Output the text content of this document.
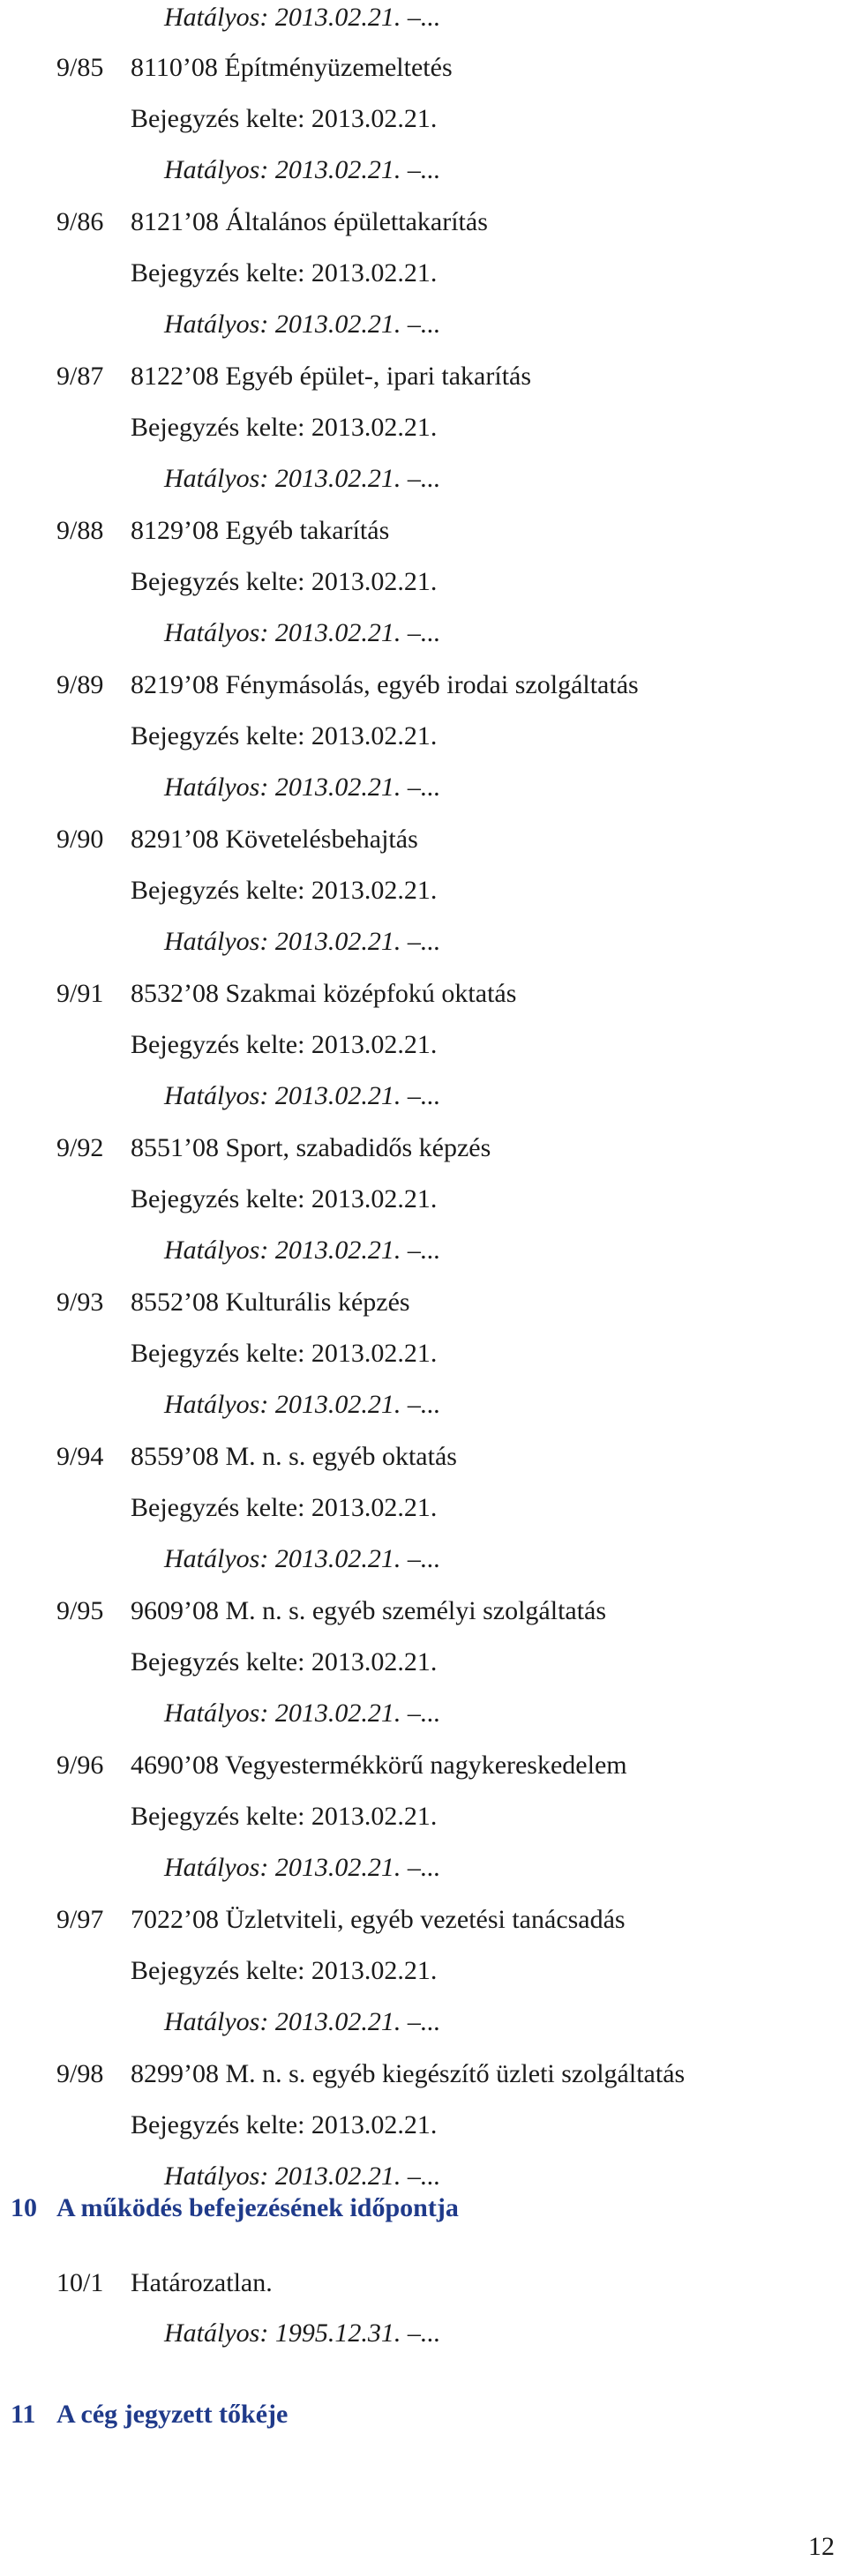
Hatályos: 2013.02.21. –...
9/85 8110’08 Építményüzemeltetés
Bejegyzés kelte: 2013.02.21.
Hatályos: 2013.02.21. –...
9/86 8121’08 Általános épülettakarítás
Bejegyzés kelte: 2013.02.21.
Hatályos: 2013.02.21. –...
9/87 8122’08 Egyéb épület-, ipari takarítás
Bejegyzés kelte: 2013.02.21.
Hatályos: 2013.02.21. –...
9/88 8129’08 Egyéb takarítás
Bejegyzés kelte: 2013.02.21.
Hatályos: 2013.02.21. –...
9/89 8219’08 Fénymásolás, egyéb irodai szolgáltatás
Bejegyzés kelte: 2013.02.21.
Hatályos: 2013.02.21. –...
9/90 8291’08 Követelésbehajtás
Bejegyzés kelte: 2013.02.21.
Hatályos: 2013.02.21. –...
9/91 8532’08 Szakmai középfokú oktatás
Bejegyzés kelte: 2013.02.21.
Hatályos: 2013.02.21. –...
9/92 8551’08 Sport, szabadidős képzés
Bejegyzés kelte: 2013.02.21.
Hatályos: 2013.02.21. –...
9/93 8552’08 Kulturális képzés
Bejegyzés kelte: 2013.02.21.
Hatályos: 2013.02.21. –...
9/94 8559’08 M. n. s. egyéb oktatás
Bejegyzés kelte: 2013.02.21.
Hatályos: 2013.02.21. –...
9/95 9609’08 M. n. s. egyéb személyi szolgáltatás
Bejegyzés kelte: 2013.02.21.
Hatályos: 2013.02.21. –...
9/96 4690’08 Vegyestermékkörű nagykereskedelem
Bejegyzés kelte: 2013.02.21.
Hatályos: 2013.02.21. –...
9/97 7022’08 Üzletviteli, egyéb vezetési tanácsadás
Bejegyzés kelte: 2013.02.21.
Hatályos: 2013.02.21. –...
9/98 8299’08 M. n. s. egyéb kiegészítő üzleti szolgáltatás
Bejegyzés kelte: 2013.02.21.
Hatályos: 2013.02.21. –...
10 A működés befejezésének időpontja
10/1 Határozatlan.
Hatályos: 1995.12.31. –...
11 A cég jegyzett tőkéje
12
